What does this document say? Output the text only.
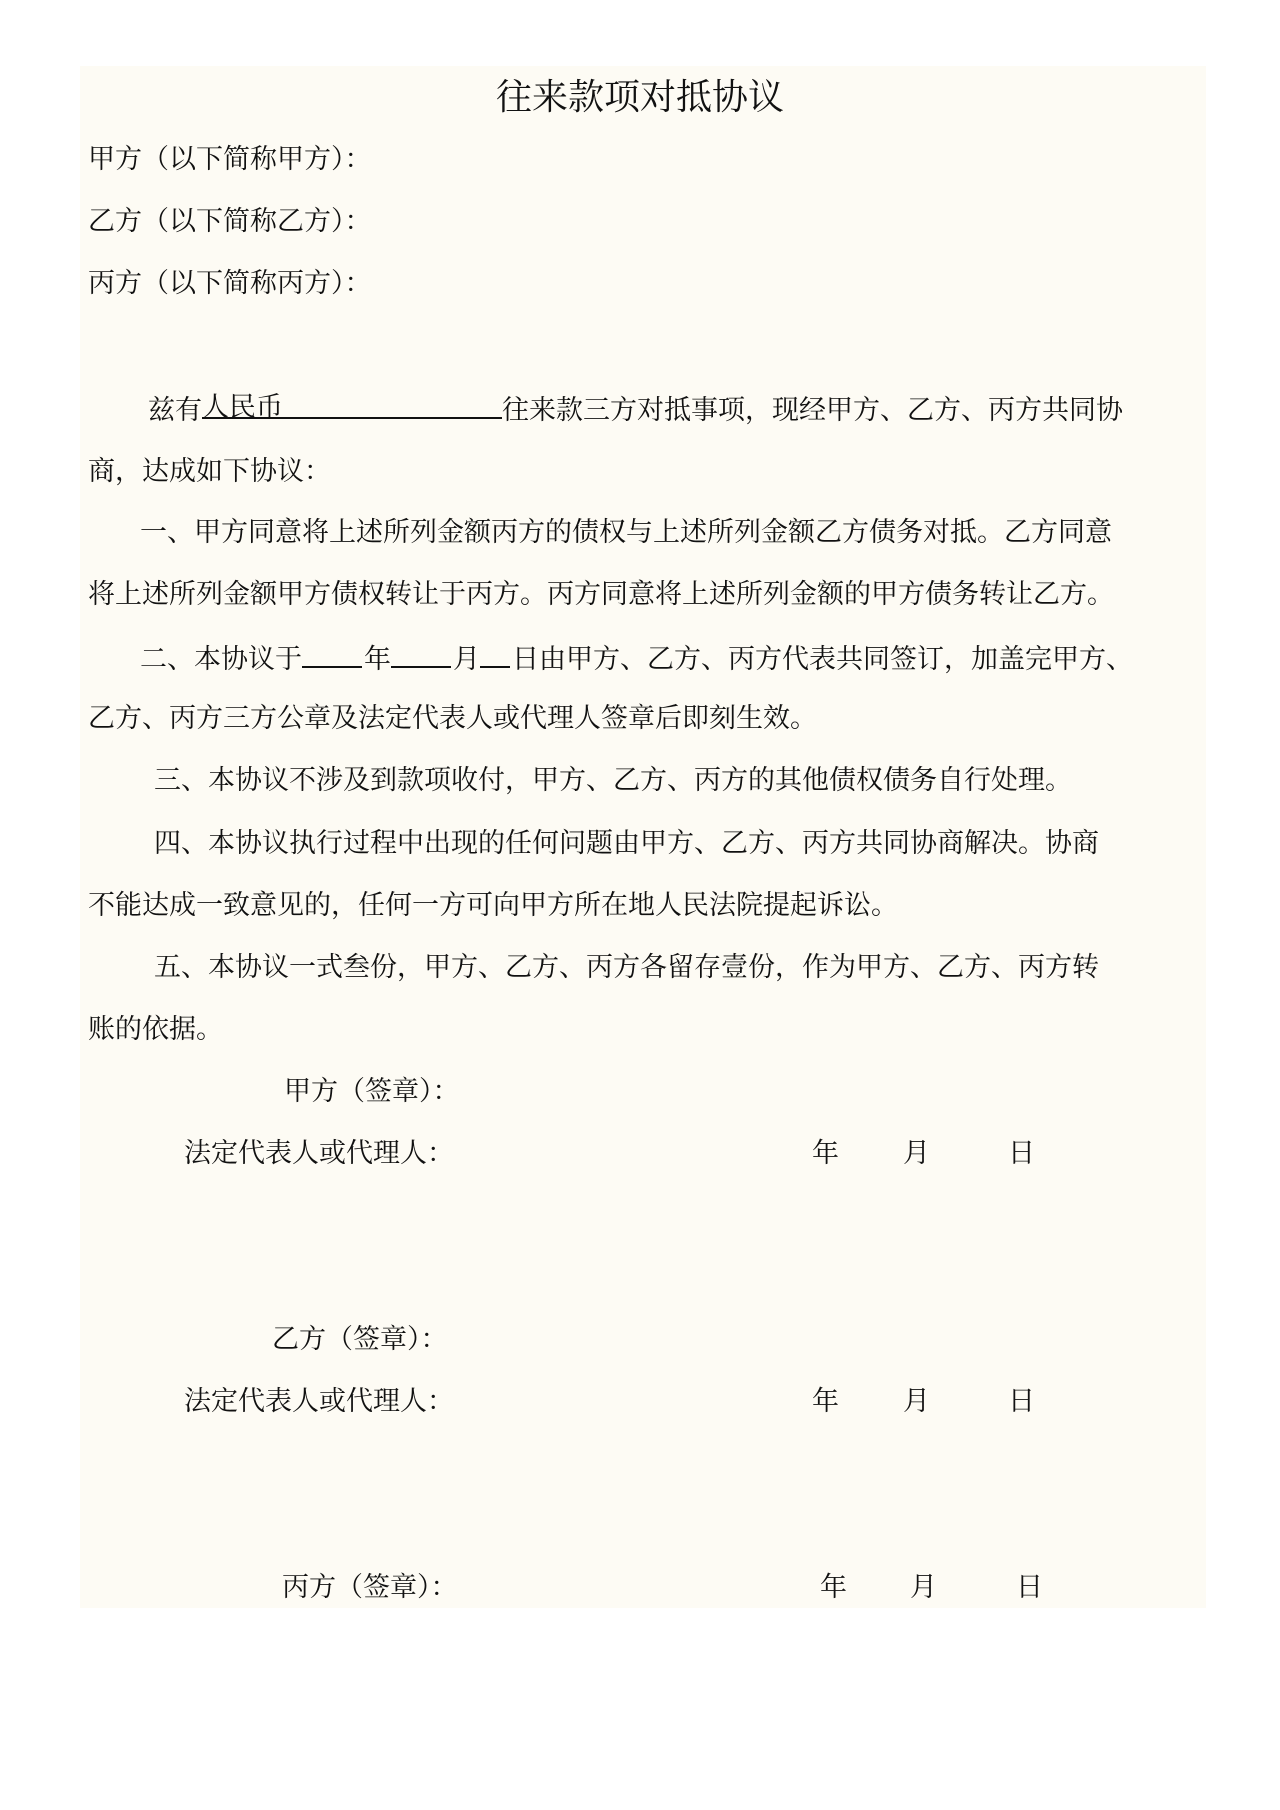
往来款项对抵协议
甲方（以下简称甲方）：
乙方（以下简称乙方）：
丙方（以下简称丙方）：
兹有 人民币	往来款三方对抵事项，现经甲方、乙方、丙方共同协
商，达成如下协议：
一、甲方同意将上述所列金额丙方的债权与上述所列金额乙方债务对抵。乙方同意
将上述所列金额甲方债权转让于丙方。丙方同意将上述所列金额的甲方债务转让乙方。
二、本协议于 年 月 日由甲方、乙方、丙方代表共同签订，加盖完甲方、
乙方、丙方三方公章及法定代表人或代理人签章后即刻生效。
三、本协议不涉及到款项收付，甲方、乙方、丙方的其他债权债务自行处理。
四、本协议执行过程中出现的任何问题由甲方、乙方、丙方共同协商解决。协商
不能达成一致意见的，任何一方可向甲方所在地人民法院提起诉讼。
五、本协议一式叁份，甲方、乙方、丙方各留存壹份，作为甲方、乙方、丙方转
账的依据。
甲方（签章）：
法定代表人或代理人：	年 月	日
乙方（签章）：
法定代表人或代理人：	年 月	日
丙方（签章）：	年 月	日
